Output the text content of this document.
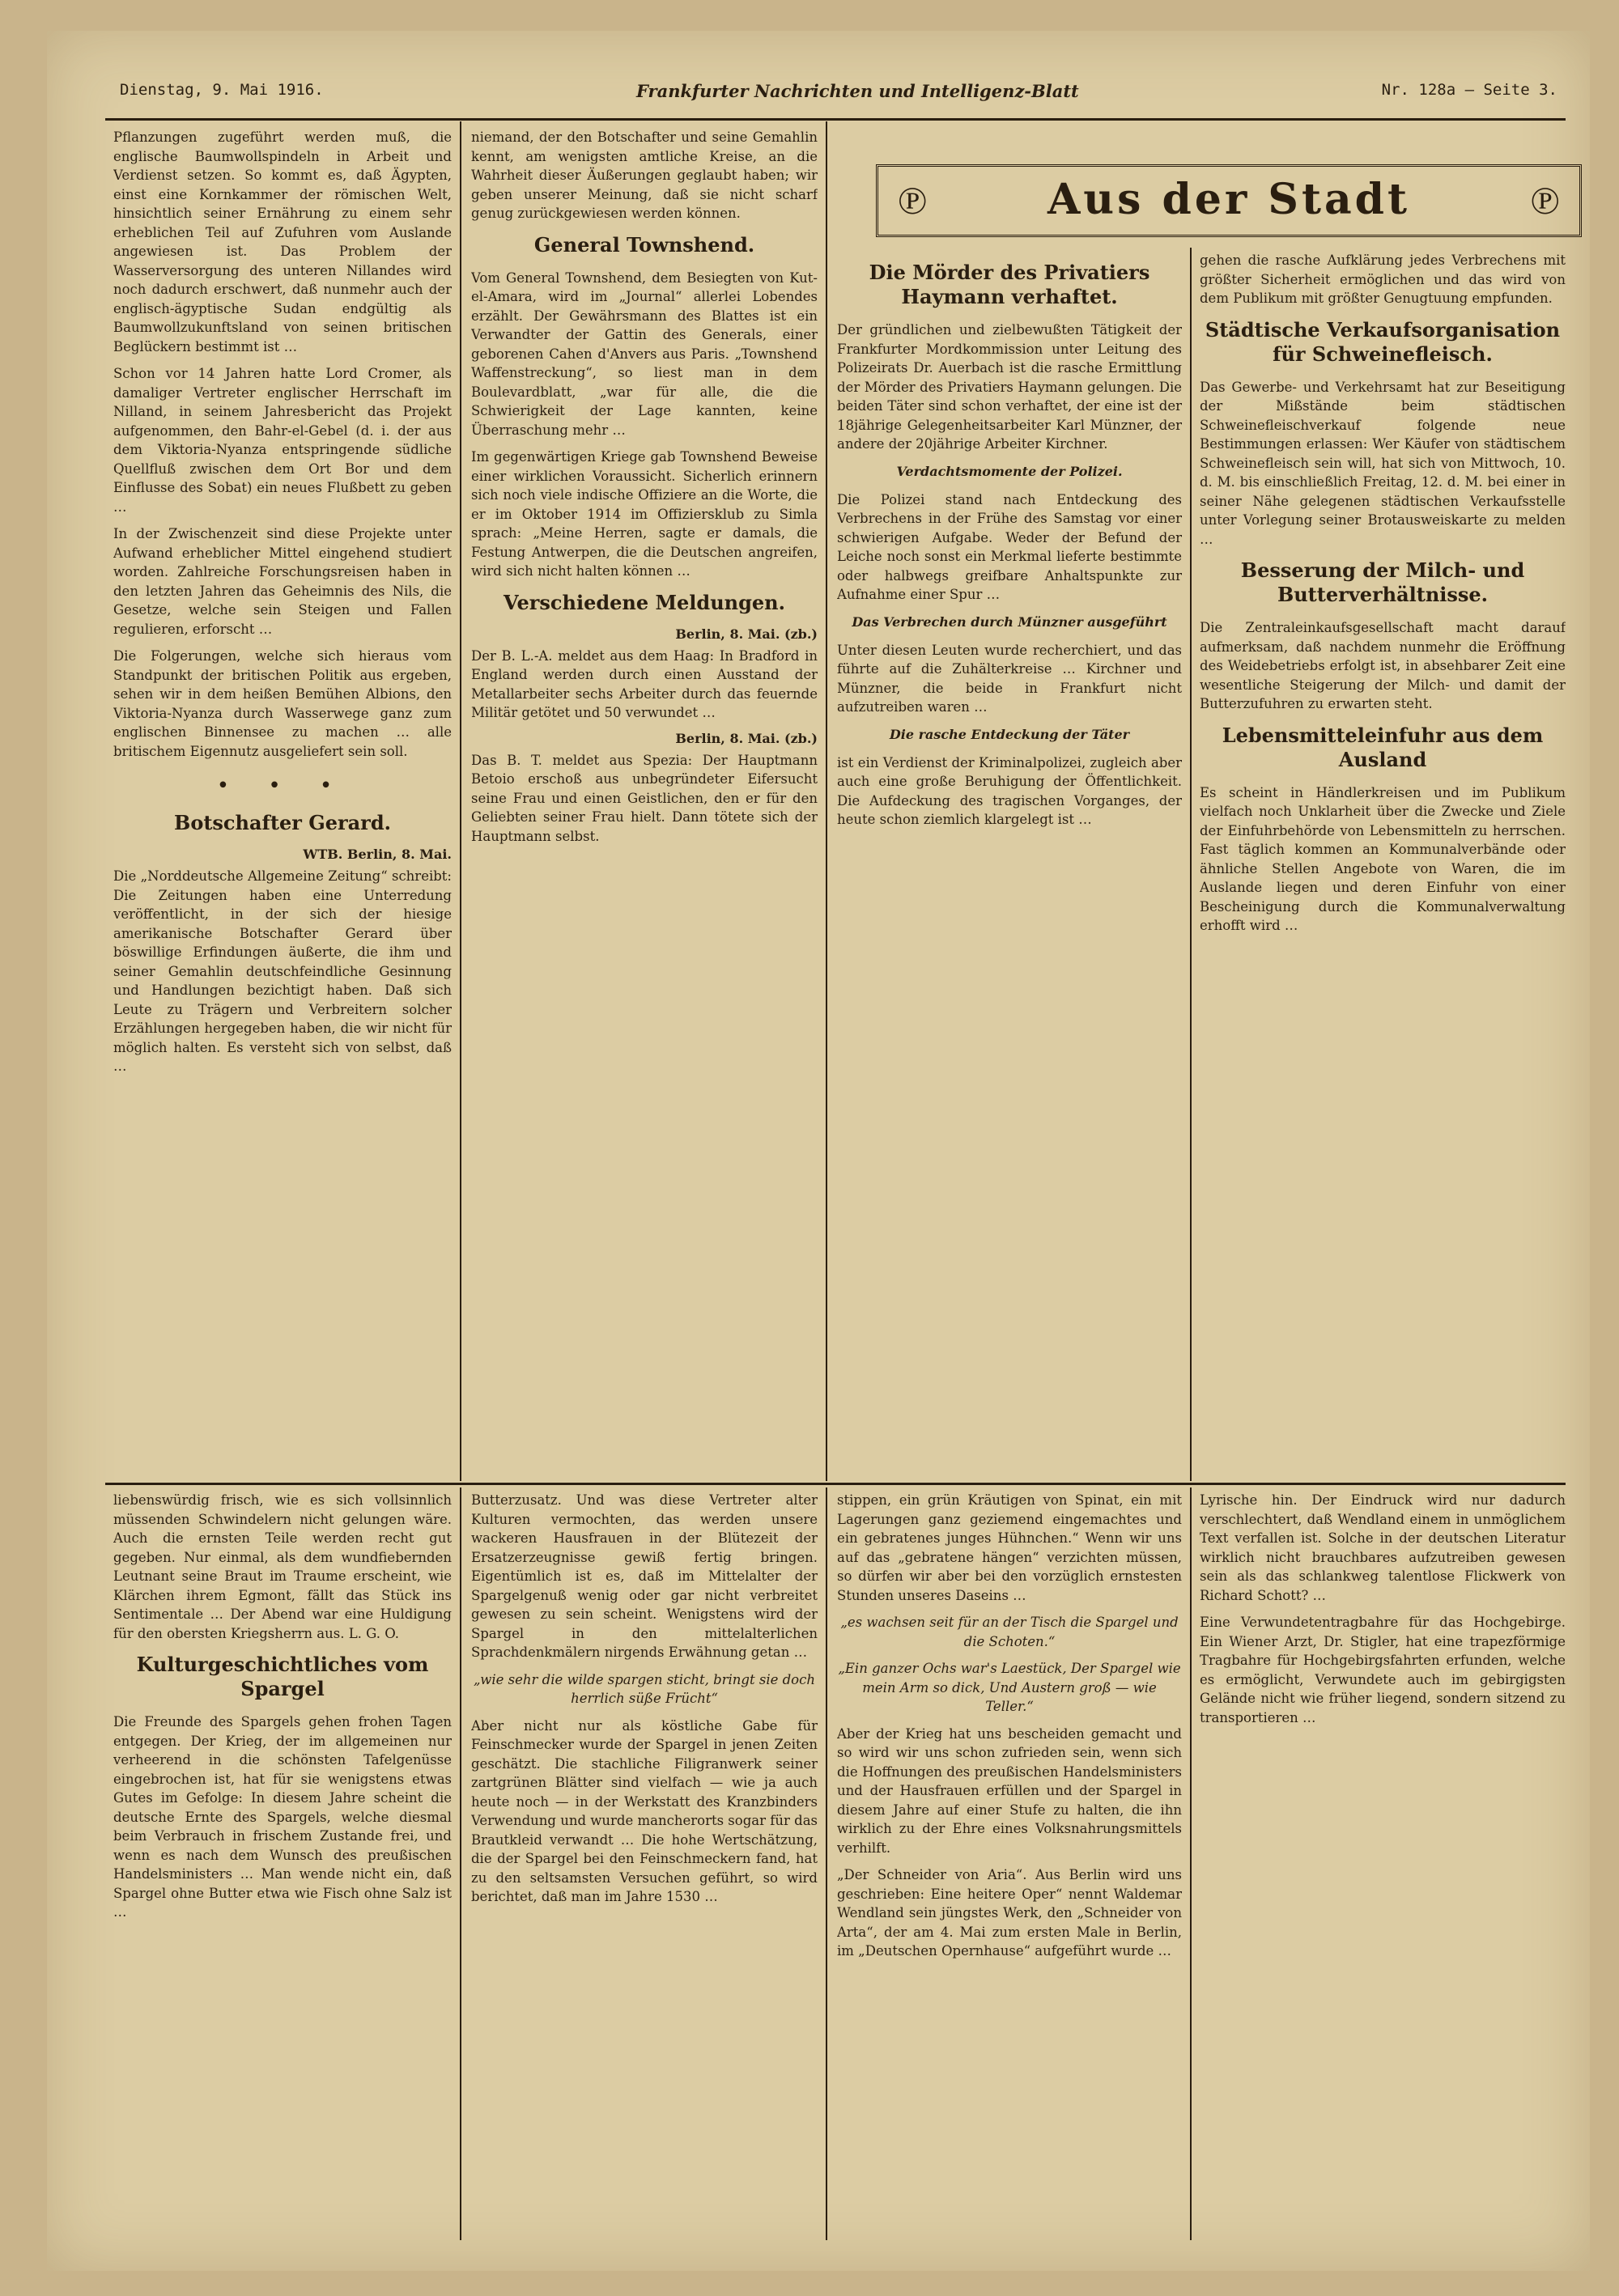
Dienstag, 9. Mai 1916.	Frankfurter Nachrichten und Intelligenz-Blatt	Nr. 128a — Seite 3.

Pflanzungen zugeführt werden muß, die englische Baumwollspindeln in Arbeit und Verdienst setzen. So kommt es, daß Ägypten, einst eine Kornkammer der römischen Welt, hinsichtlich seiner Ernährung zu einem sehr erheblichen Teil auf Zufuhren vom Auslande angewiesen ist. Das Problem der Wasserversorgung des unteren Nillandes wird noch dadurch erschwert, daß nunmehr auch der englisch-ägyptische Sudan endgültig als Baumwollzukunftsland von seinen britischen Beglückern bestimmt ist …

Schon vor 14 Jahren hatte Lord Cromer, als damaliger Vertreter englischer Herrschaft im Nilland, in seinem Jahresbericht das Projekt aufgenommen, den Bahr-el-Gebel (d. i. der aus dem Viktoria-Nyanza entspringende südliche Quellfluß zwischen dem Ort Bor und dem Einflusse des Sobat) ein neues Flußbett zu geben …

In der Zwischenzeit sind diese Projekte unter Aufwand erheblicher Mittel eingehend studiert worden. Zahlreiche Forschungsreisen haben in den letzten Jahren das Geheimnis des Nils, die Gesetze, welche sein Steigen und Fallen regulieren, erforscht …

Die Folgerungen, welche sich hieraus vom Standpunkt der britischen Politik aus ergeben, sehen wir in dem heißen Bemühen Albions, den Viktoria-Nyanza durch Wasserwege ganz zum englischen Binnensee zu machen … alle britischem Eigennutz ausgeliefert sein soll.

• • •
Botschafter Gerard.
WTB. Berlin, 8. Mai.

Die „Norddeutsche Allgemeine Zeitung“ schreibt: Die Zeitungen haben eine Unterredung veröffentlicht, in der sich der hiesige amerikanische Botschafter Gerard über böswillige Erfindungen äußerte, die ihm und seiner Gemahlin deutschfeindliche Gesinnung und Handlungen bezichtigt haben. Daß sich Leute zu Trägern und Verbreitern solcher Erzählungen hergegeben haben, die wir nicht für möglich halten. Es versteht sich von selbst, daß …

niemand, der den Botschafter und seine Gemahlin kennt, am wenigsten amtliche Kreise, an die Wahrheit dieser Äußerungen geglaubt haben; wir geben unserer Meinung, daß sie nicht scharf genug zurückgewiesen werden können.

General Townshend.

Vom General Townshend, dem Besiegten von Kut-el-Amara, wird im „Journal“ allerlei Lobendes erzählt. Der Gewährsmann des Blattes ist ein Verwandter der Gattin des Generals, einer geborenen Cahen d'Anvers aus Paris. „Townshend Waffenstreckung“, so liest man in dem Boulevardblatt, „war für alle, die die Schwierigkeit der Lage kannten, keine Überraschung mehr …

Im gegenwärtigen Kriege gab Townshend Beweise einer wirklichen Voraussicht. Sicherlich erinnern sich noch viele indische Offiziere an die Worte, die er im Oktober 1914 im Offiziersklub zu Simla sprach: „Meine Herren, sagte er damals, die Festung Antwerpen, die die Deutschen angreifen, wird sich nicht halten können …

Verschiedene Meldungen.
Berlin, 8. Mai. (zb.)

Der B. L.-A. meldet aus dem Haag: In Bradford in England werden durch einen Ausstand der Metallarbeiter sechs Arbeiter durch das feuernde Militär getötet und 50 verwundet …

Berlin, 8. Mai. (zb.)

Das B. T. meldet aus Spezia: Der Hauptmann Betoio erschoß aus unbegründeter Eifersucht seine Frau und einen Geistlichen, den er für den Geliebten seiner Frau hielt. Dann tötete sich der Hauptmann selbst.

℗	Aus der Stadt	℗
Die Mörder des Privatiers Haymann verhaftet.

Der gründlichen und zielbewußten Tätigkeit der Frankfurter Mordkommission unter Leitung des Polizeirats Dr. Auerbach ist die rasche Ermittlung der Mörder des Privatiers Haymann gelungen. Die beiden Täter sind schon verhaftet, der eine ist der 18jährige Gelegenheitsarbeiter Karl Münzner, der andere der 20jährige Arbeiter Kirchner.

Verdachtsmomente der Polizei.

Die Polizei stand nach Entdeckung des Verbrechens in der Frühe des Samstag vor einer schwierigen Aufgabe. Weder der Befund der Leiche noch sonst ein Merkmal lieferte bestimmte oder halbwegs greifbare Anhaltspunkte zur Aufnahme einer Spur …

Das Verbrechen durch Münzner ausgeführt

Unter diesen Leuten wurde recherchiert, und das führte auf die Zuhälterkreise … Kirchner und Münzner, die beide in Frankfurt nicht aufzutreiben waren …

Die rasche Entdeckung der Täter

ist ein Verdienst der Kriminalpolizei, zugleich aber auch eine große Beruhigung der Öffentlichkeit. Die Aufdeckung des tragischen Vorganges, der heute schon ziemlich klargelegt ist …

gehen die rasche Aufklärung jedes Verbrechens mit größter Sicherheit ermöglichen und das wird von dem Publikum mit größter Genugtuung empfunden.

Städtische Verkaufsorganisation für Schweinefleisch.

Das Gewerbe- und Verkehrsamt hat zur Beseitigung der Mißstände beim städtischen Schweinefleischverkauf folgende neue Bestimmungen erlassen: Wer Käufer von städtischem Schweinefleisch sein will, hat sich von Mittwoch, 10. d. M. bis einschließlich Freitag, 12. d. M. bei einer in seiner Nähe gelegenen städtischen Verkaufsstelle unter Vorlegung seiner Brotausweiskarte zu melden …

Besserung der Milch- und Butterverhältnisse.

Die Zentraleinkaufsgesellschaft macht darauf aufmerksam, daß nachdem nunmehr die Eröffnung des Weidebetriebs erfolgt ist, in absehbarer Zeit eine wesentliche Steigerung der Milch- und damit der Butterzufuhren zu erwarten steht.

Lebensmitteleinfuhr aus dem Ausland

Es scheint in Händlerkreisen und im Publikum vielfach noch Unklarheit über die Zwecke und Ziele der Einfuhrbehörde von Lebensmitteln zu herrschen. Fast täglich kommen an Kommunalverbände oder ähnliche Stellen Angebote von Waren, die im Auslande liegen und deren Einfuhr von einer Bescheinigung durch die Kommunalverwaltung erhofft wird …

liebenswürdig frisch, wie es sich vollsinnlich müssenden Schwindelern nicht gelungen wäre. Auch die ernsten Teile werden recht gut gegeben. Nur einmal, als dem wundfiebernden Leutnant seine Braut im Traume erscheint, wie Klärchen ihrem Egmont, fällt das Stück ins Sentimentale … Der Abend war eine Huldigung für den obersten Kriegsherrn aus. L. G. O.

Kulturgeschichtliches vom Spargel

Die Freunde des Spargels gehen frohen Tagen entgegen. Der Krieg, der im allgemeinen nur verheerend in die schönsten Tafelgenüsse eingebrochen ist, hat für sie wenigstens etwas Gutes im Gefolge: In diesem Jahre scheint die deutsche Ernte des Spargels, welche diesmal beim Verbrauch in frischem Zustande frei, und wenn es nach dem Wunsch des preußischen Handelsministers … Man wende nicht ein, daß Spargel ohne Butter etwa wie Fisch ohne Salz ist …

Butterzusatz. Und was diese Vertreter alter Kulturen vermochten, das werden unsere wackeren Hausfrauen in der Blütezeit der Ersatzerzeugnisse gewiß fertig bringen. Eigentümlich ist es, daß im Mittelalter der Spargelgenuß wenig oder gar nicht verbreitet gewesen zu sein scheint. Wenigstens wird der Spargel in den mittelalterlichen Sprachdenkmälern nirgends Erwähnung getan …

„wie sehr die wilde spargen sticht, bringt sie doch herrlich süße Frücht“

Aber nicht nur als köstliche Gabe für Feinschmecker wurde der Spargel in jenen Zeiten geschätzt. Die stachliche Filigranwerk seiner zartgrünen Blätter sind vielfach — wie ja auch heute noch — in der Werkstatt des Kranzbinders Verwendung und wurde mancherorts sogar für das Brautkleid verwandt … Die hohe Wertschätzung, die der Spargel bei den Feinschmeckern fand, hat zu den seltsamsten Versuchen geführt, so wird berichtet, daß man im Jahre 1530 …

stippen, ein grün Kräutigen von Spinat, ein mit Lagerungen ganz geziemend eingemachtes und ein gebratenes junges Hühnchen.“ Wenn wir uns auf das „gebratene hängen“ verzichten müssen, so dürfen wir aber bei den vorzüglich ernstesten Stunden unseres Daseins …

„es wachsen seit für an der Tisch die Spargel und die Schoten.“

„Ein ganzer Ochs war's Laestück, Der Spargel wie mein Arm so dick, Und Austern groß — wie Teller.“

Aber der Krieg hat uns bescheiden gemacht und so wird wir uns schon zufrieden sein, wenn sich die Hoffnungen des preußischen Handelsministers und der Hausfrauen erfüllen und der Spargel in diesem Jahre auf einer Stufe zu halten, die ihn wirklich zu der Ehre eines Volksnahrungsmittels verhilft.

„Der Schneider von Aria“. Aus Berlin wird uns geschrieben: Eine heitere Oper“ nennt Waldemar Wendland sein jüngstes Werk, den „Schneider von Arta“, der am 4. Mai zum ersten Male in Berlin, im „Deutschen Opernhause“ aufgeführt wurde …

Lyrische hin. Der Eindruck wird nur dadurch verschlechtert, daß Wendland einem in unmöglichem Text verfallen ist. Solche in der deutschen Literatur wirklich nicht brauchbares aufzutreiben gewesen sein als das schlankweg talentlose Flickwerk von Richard Schott? …

Eine Verwundetentragbahre für das Hochgebirge. Ein Wiener Arzt, Dr. Stigler, hat eine trapezförmige Tragbahre für Hochgebirgsfahrten erfunden, welche es ermöglicht, Verwundete auch im gebirgigsten Gelände nicht wie früher liegend, sondern sitzend zu transportieren …
